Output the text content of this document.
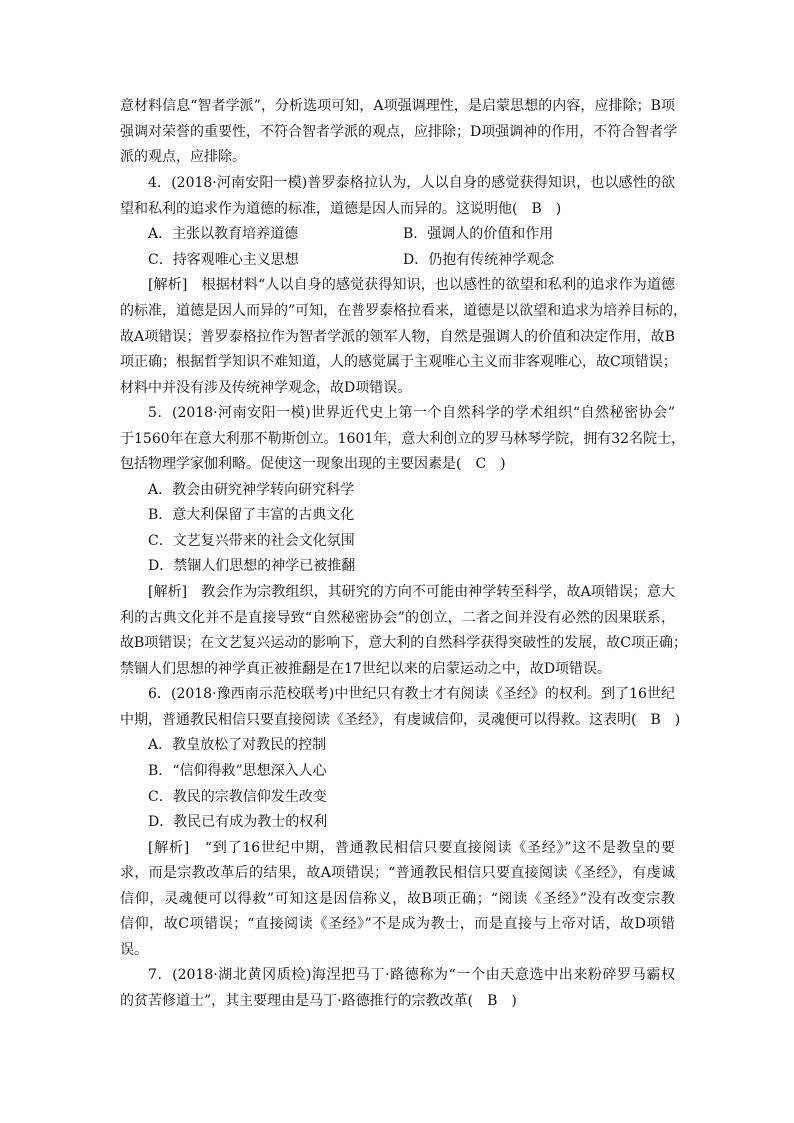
意材料信息“智者学派”，分析选项可知，A项强调理性，是启蒙思想的内容，应排除；B项
强调对荣誉的重要性，不符合智者学派的观点，应排除；D项强调神的作用，不符合智者学
派的观点，应排除。
4．(2018·河南安阳一模)普罗泰格拉认为，人以自身的感觉获得知识，也以感性的欲
望和私利的追求作为道德的标准，道德是因人而异的。这说明他(　B　)
A．主张以教育培养道德	B．强调人的价值和作用
C．持客观唯心主义思想	D．仍抱有传统神学观念
[解析]　根据材料“人以自身的感觉获得知识，也以感性的欲望和私利的追求作为道德
的标准，道德是因人而异的”可知，在普罗泰格拉看来，道德是以欲望和追求为培养目标的，
故A项错误；普罗泰格拉作为智者学派的领军人物，自然是强调人的价值和决定作用，故B
项正确；根据哲学知识不难知道，人的感觉属于主观唯心主义而非客观唯心，故C项错误；
材料中并没有涉及传统神学观念，故D项错误。
5．(2018·河南安阳一模)世界近代史上第一个自然科学的学术组织“自然秘密协会”
于1560年在意大利那不勒斯创立。1601年，意大利创立的罗马林琴学院，拥有32名院士，
包括物理学家伽利略。促使这一现象出现的主要因素是(　C　)
A．教会由研究神学转向研究科学
B．意大利保留了丰富的古典文化
C．文艺复兴带来的社会文化氛围
D．禁锢人们思想的神学已被推翻
[解析]　教会作为宗教组织，其研究的方向不可能由神学转至科学，故A项错误；意大
利的古典文化并不是直接导致“自然秘密协会”的创立，二者之间并没有必然的因果联系，
故B项错误；在文艺复兴运动的影响下，意大利的自然科学获得突破性的发展，故C项正确；
禁锢人们思想的神学真正被推翻是在17世纪以来的启蒙运动之中，故D项错误。
6．(2018·豫西南示范校联考)中世纪只有教士才有阅读《圣经》的权利。到了16世纪
中期，普通教民相信只要直接阅读《圣经》，有虔诚信仰，灵魂便可以得救。这表明(　B　)
A．教皇放松了对教民的控制
B．“信仰得救”思想深入人心
C．教民的宗教信仰发生改变
D．教民已有成为教士的权利
[解析]　“到了16世纪中期，普通教民相信只要直接阅读《圣经》”这不是教皇的要
求，而是宗教改革后的结果，故A项错误；“普通教民相信只要直接阅读《圣经》，有虔诚
信仰，灵魂便可以得救”可知这是因信称义，故B项正确；“阅读《圣经》”没有改变宗教
信仰，故C项错误；“直接阅读《圣经》”不是成为教士，而是直接与上帝对话，故D项错
误。
7．(2018·湖北黄冈质检)海涅把马丁·路德称为“一个由天意选中出来粉碎罗马霸权
的贫苦修道士”，其主要理由是马丁·路德推行的宗教改革(　B　)
